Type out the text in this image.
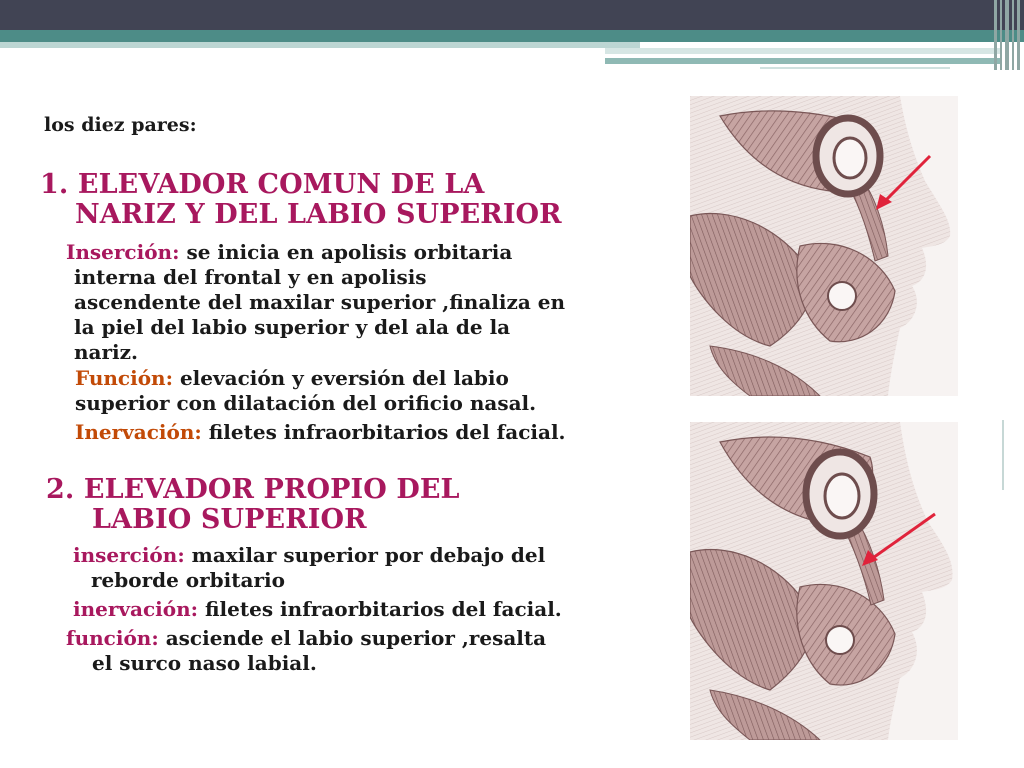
los diez pares:

1. ELEVADOR COMUN DE LA
NARIZ Y DEL LABIO SUPERIOR
Inserción: se inicia en apolisis orbitaria
interna del frontal y en apolisis
ascendente del maxilar superior ,finaliza en
la piel del labio superior y del ala de la
nariz.
Función: elevación y eversión del labio
superior con dilatación del orificio nasal.
Inervación: filetes infraorbitarios del facial.
2. ELEVADOR PROPIO DEL
LABIO SUPERIOR
inserción: maxilar superior por debajo del
reborde orbitario
inervación: filetes infraorbitarios del facial.
función: asciende el labio superior ,resalta
el surco naso labial.
